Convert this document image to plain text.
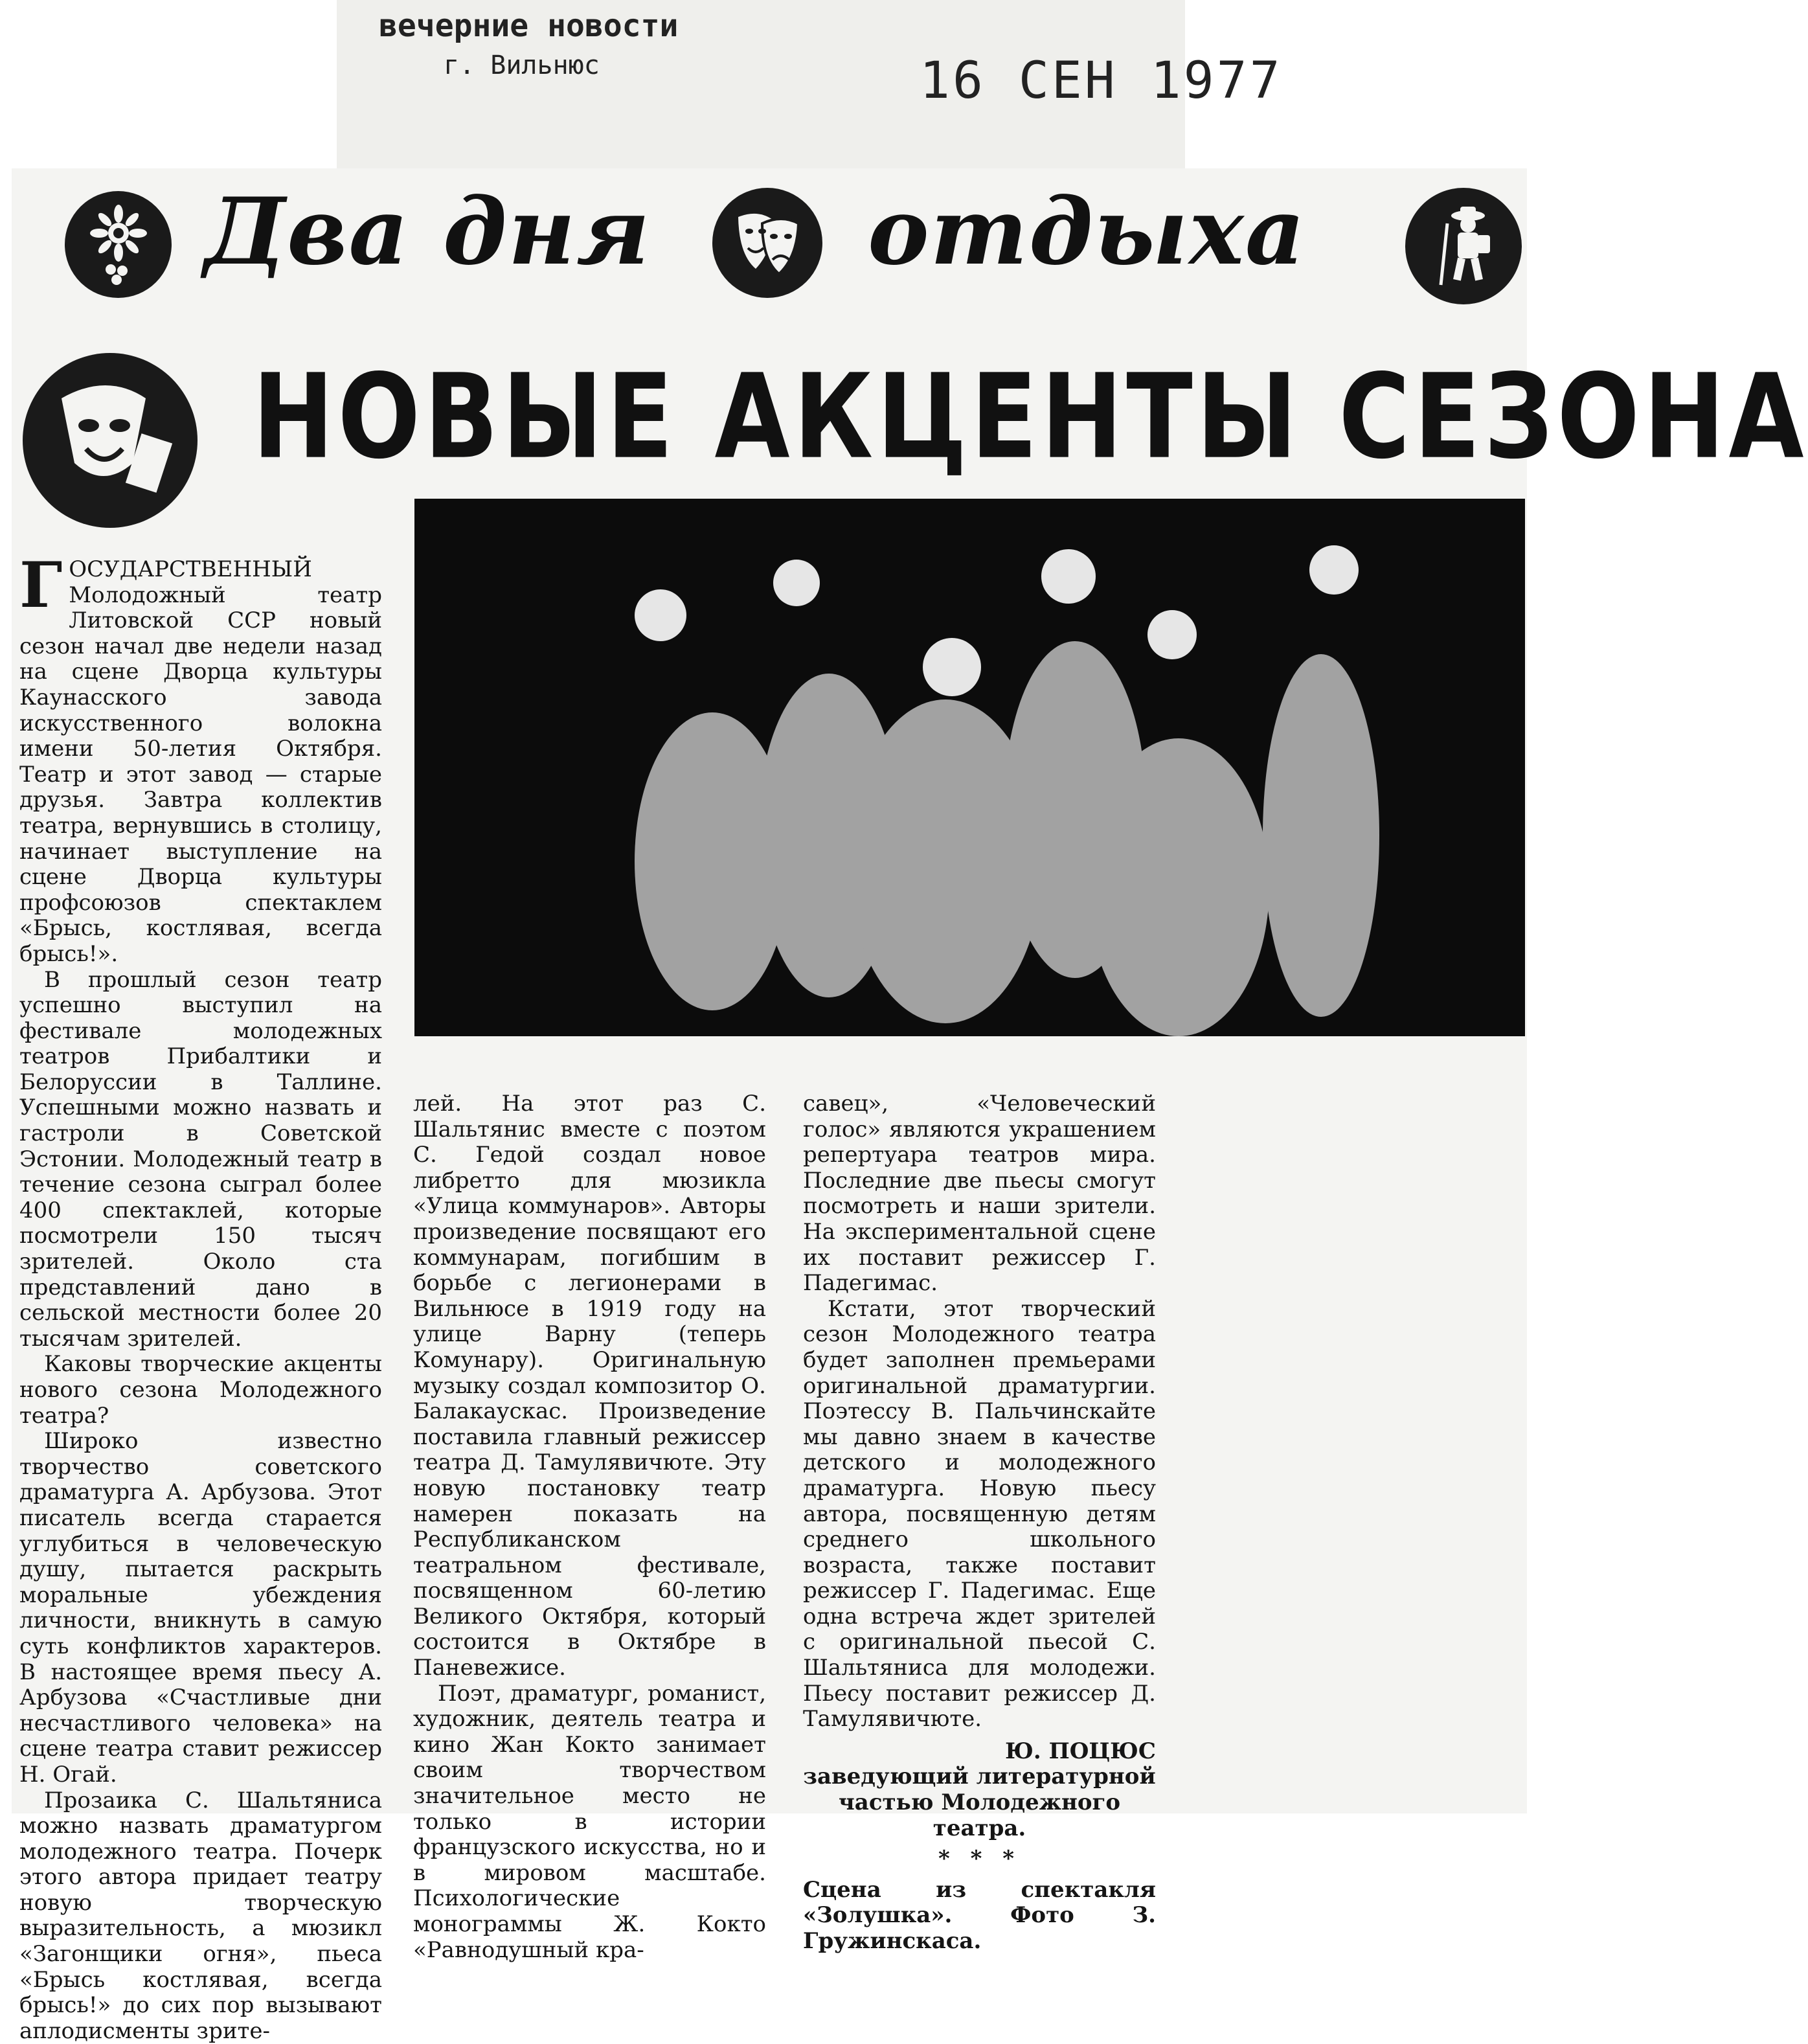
вечерние новости
г. Вильнюс	16 СЕН 1977
Два дня отдыха
НОВЫЕ АКЦЕНТЫ СЕЗОНА

ГОСУДАРСТВЕННЫЙ Молодожный театр Литовской ССР новый сезон начал две недели назад на сцене Дворца культуры Каунасского завода искусственного волокна имени 50-летия Октября. Театр и этот завод — старые друзья. Завтра коллектив театра, вернувшись в столицу, начинает выступление на сцене Дворца культуры профсоюзов спектаклем «Брысь, костлявая, всегда брысь!».

В прошлый сезон театр успешно выступил на фестивале молодежных театров Прибалтики и Белоруссии в Таллине. Успешными можно назвать и гастроли в Советской Эстонии. Молодежный театр в течение сезона сыграл более 400 спектаклей, которые посмотрели 150 тысяч зрителей. Около ста представлений дано в сельской местности более 20 тысячам зрителей.

Каковы творческие акценты нового сезона Молодежного театра?

Широко известно творчество советского драматурга А. Арбузова. Этот писатель всегда старается углубиться в человеческую душу, пытается раскрыть моральные убеждения личности, вникнуть в самую суть конфликтов характеров. В настоящее время пьесу А. Арбузова «Счастливые дни несчастливого человека» на сцене театра ставит режиссер Н. Огай.

Прозаика С. Шальтяниса можно назвать драматургом молодежного театра. Почерк этого автора придает театру новую творческую выразительность, а мюзикл «Загонщики огня», пьеса «Брысь костлявая, всегда брысь!» до сих пор вызывают аплодисменты зрите-

лей. На этот раз С. Шальтянис вместе с поэтом С. Гедой создал новое либретто для мюзикла «Улица коммунаров». Авторы произведение посвящают его коммунарам, погибшим в борьбе с легионерами в Вильнюсе в 1919 году на улице Варну (теперь Комунару). Оригинальную музыку создал композитор О. Балакаускас. Произведение поставила главный режиссер театра Д. Тамулявичюте. Эту новую постановку театр намерен показать на Республиканском театральном фестивале, посвященном 60-летию Великого Октября, который состоится в Октябре в Паневежисе.

Поэт, драматург, романист, художник, деятель театра и кино Жан Кокто занимает своим творчеством значительное место не только в истории французского искусства, но и в мировом масштабе. Психологические монограммы Ж. Кокто «Равнодушный кра-

савец», «Человеческий голос» являются украшением репертуара театров мира. Последние две пьесы смогут посмотреть и наши зрители. На экспериментальной сцене их поставит режиссер Г. Падегимас.

Кстати, этот творческий сезон Молодежного театра будет заполнен премьерами оригинальной драматургии. Поэтессу В. Пальчинскайте мы давно знаем в качестве детского и молодежного драматурга. Новую пьесу автора, посвященную детям среднего школьного возраста, также поставит режиссер Г. Падегимас. Еще одна встреча ждет зрителей с оригинальной пьесой С. Шальтяниса для молодежи. Пьесу поставит режиссер Д. Тамулявичюте.

Ю. ПОЦЮС
заведующий литературной частью Молодежного театра.
* * *
Сцена из спектакля «Золушка». Фото З. Гружинскаса.
